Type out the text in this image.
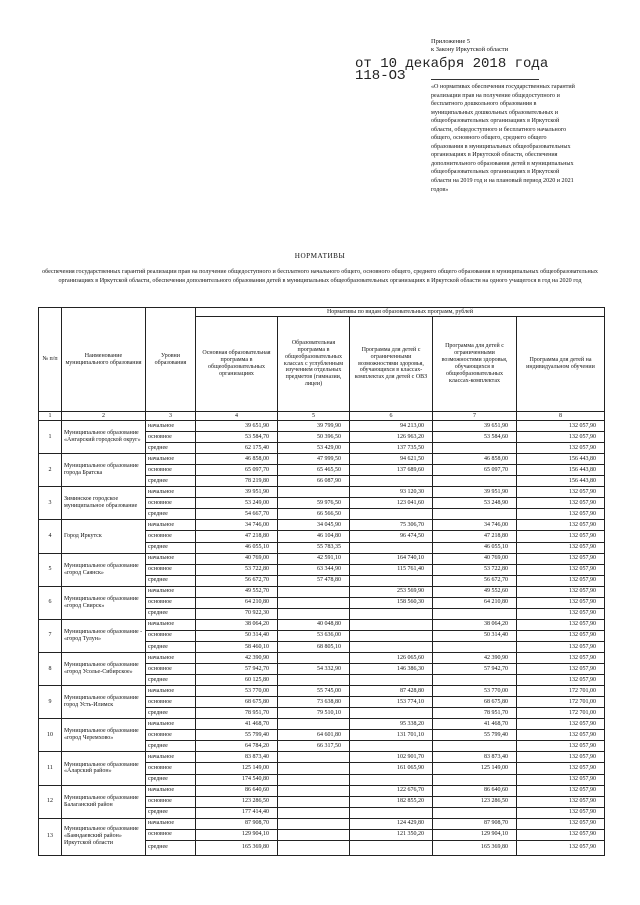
Приложение 5
к Закону Иркутской области
от 10 декабря 2018 года
118-ОЗ
«О нормативах обеспечения государственных гарантий реализации прав на получение общедоступного и бесплатного дошкольного образования в муниципальных дошкольных образовательных и общеобразовательных организациях в Иркутской области, общедоступного и бесплатного начального общего, основного общего, среднего общего образования в муниципальных общеобразовательных организациях в Иркутской области, обеспечения дополнительного образования детей в муниципальных общеобразовательных организациях в Иркутской области на 2019 год и на плановый период 2020 и 2021 годов»
НОРМАТИВЫ
обеспечения государственных гарантий реализации прав на получение общедоступного и бесплатного начального общего, основного общего, среднего общего образования в муниципальных общеобразовательных организациях в Иркутской области, обеспечения дополнительного образования детей в муниципальных общеобразовательных организациях в Иркутской области на одного учащегося в год на 2020 год
№ п/п	Наименование муниципального образования	Уровни образования	Нормативы по видам образовательных программ, рублей				
			Основная образовательная программа в общеобразовательных организациях	Образовательная программа в общеобразовательных классах с углубленным изучением отдельных предметов (гимназии, лицеи)	Программа для детей с ограниченными возможностями здоровья, обучающихся в классах-комплектах для детей с ОВЗ	Программа для детей с ограниченными возможностями здоровья, обучающихся в общеобразовательных классах-комплектах	Программа для детей на индивидуальном обучении
1	2	3	4	5	6	7	8
1	Муниципальное образование «Ангарский городской округ»	начальное	39 651,90	39 799,90	94 213,00	39 651,90	132 057,90
		основное	53 584,70	50 396,50	126 963,20	53 584,60	132 057,90
		среднее	62 175,40	53 429,00	137 735,50		132 057,90
2	Муниципальное образование города Братска	начальное	46 858,00	47 999,50	94 621,50	46 858,00	156 443,80
		основное	65 097,70	65 465,50	137 689,60	65 097,70	156 443,80
		среднее	78 219,80	66 087,90			156 443,80
3	Зиминское городское муниципальное образование	начальное	39 951,90		93 120,30	39 951,90	132 057,90
		основное	53 249,00	59 976,50	123 041,60	53 248,90	132 057,90
		среднее	54 667,70	66 566,50			132 057,90
4	Город Иркутск	начальное	34 746,00	34 045,90	75 306,70	34 746,00	132 057,90
		основное	47 218,80	46 104,80	96 474,50	47 218,80	132 057,90
		среднее	46 055,10	55 783,35		46 055,10	132 057,90
5	Муниципальное образование «город Саянск»	начальное	40 769,00	42 591,10	164 740,10	40 769,00	132 057,90
		основное	53 722,80	63 344,90	115 761,40	53 722,80	132 057,90
		среднее	56 672,70	57 478,80		56 672,70	132 057,90
6	Муниципальное образование «город Свирск»	начальное	49 552,70		253 569,90	49 552,60	132 057,90
		основное	64 210,80		158 560,30	64 210,80	132 057,90
		среднее	70 922,30				132 057,90
7	Муниципальное образование - «город Тулун»	начальное	38 064,20	40 048,80		38 064,20	132 057,90
		основное	50 314,40	53 636,00		50 314,40	132 057,90
		среднее	58 460,10	68 805,10			132 057,90
8	Муниципальное образование «город Усолье-Сибирское»	начальное	42 390,90		126 065,60	42 390,90	132 057,90
		основное	57 942,70	54 332,90	146 386,30	57 942,70	132 057,90
		среднее	60 125,80				132 057,90
9	Муниципальное образование город Усть-Илимск	начальное	53 770,00	55 745,00	87 428,80	53 770,00	172 701,00
		основное	68 675,80	73 638,80	153 774,10	68 675,80	172 701,00
		среднее	78 951,70	79 510,10		78 951,70	172 701,00
10	Муниципальное образование «город Черемхово»	начальное	41 468,70		95 338,20	41 468,70	132 057,90
		основное	55 799,40	64 601,80	131 701,10	55 799,40	132 057,90
		среднее	64 784,20	66 317,50			132 057,90
11	Муниципальное образование «Аларский район»	начальное	83 873,40		102 901,70	83 873,40	132 057,90
		основное	125 149,00		161 065,90	125 149,00	132 057,90
		среднее	174 540,80				132 057,90
12	Муниципальное образование Балаганский район	начальное	86 640,60		122 676,70	86 640,60	132 057,90
		основное	123 286,50		182 855,20	123 286,50	132 057,90
		среднее	177 414,40				132 057,90
13	Муниципальное образование «Баяндаевский район» Иркутской области	начальное	87 908,70		124 429,80	87 908,70	132 057,90
		основное	129 904,10		121 350,20	129 904,10	132 057,90
		среднее	165 369,80			165 369,80	132 057,90
